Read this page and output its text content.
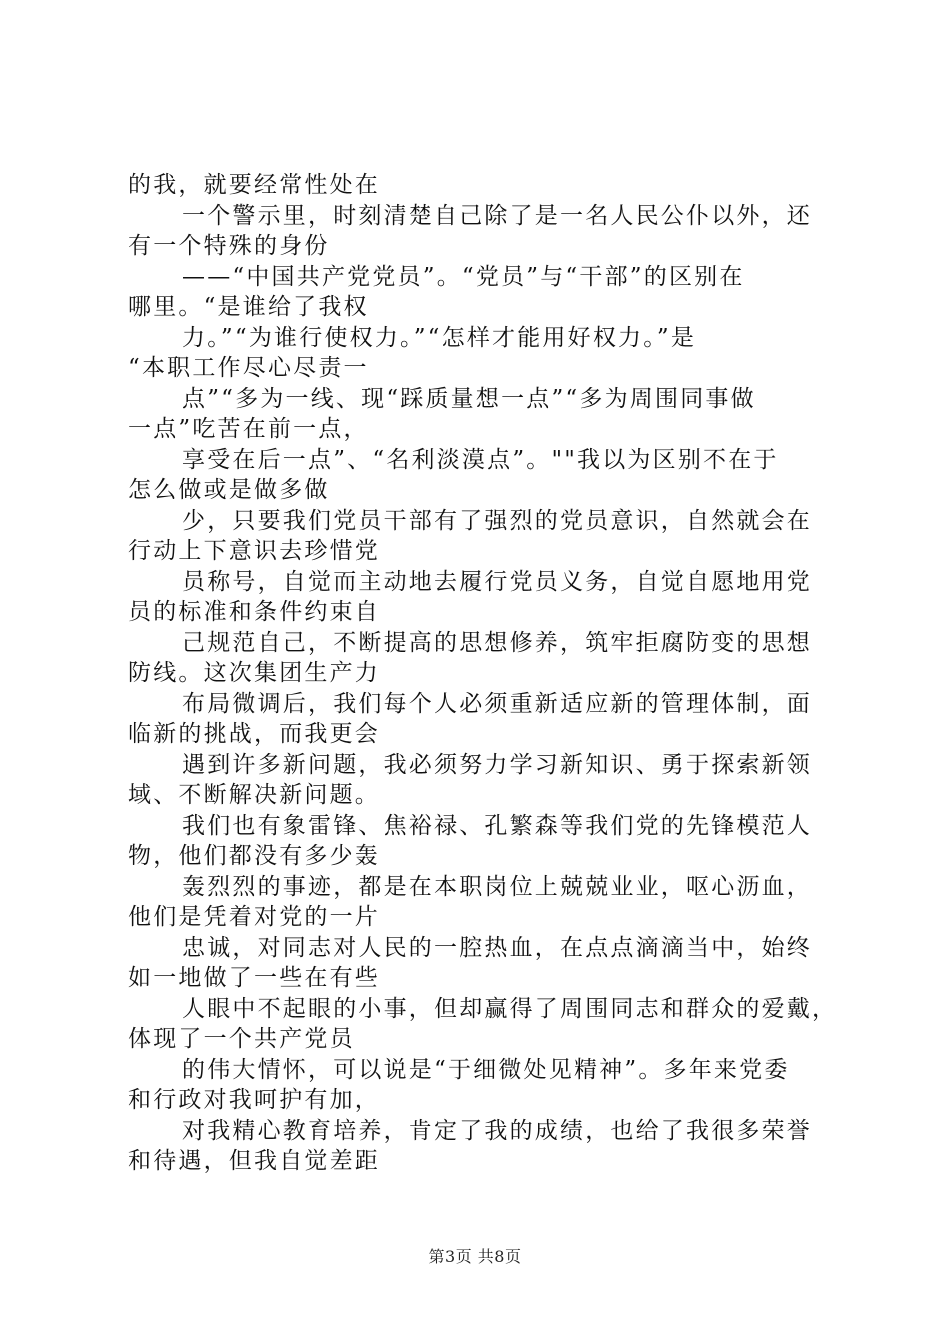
的我，就要经常性处在
一个警示里，时刻清楚自己除了是一名人民公仆以外，还
有一个特殊的身份
——“中国共产党党员”。“党员”与“干部”的区别在
哪里。“是谁给了我权
力。”“为谁行使权力。”“怎样才能用好权力。”是
“本职工作尽心尽责一
点”“多为一线、现“踩质量想一点”“多为周围同事做
一点”吃苦在前一点，
享受在后一点”、“名利淡漠点”。""我以为区别不在于
怎么做或是做多做
少，只要我们党员干部有了强烈的党员意识，自然就会在
行动上下意识去珍惜党
员称号，自觉而主动地去履行党员义务，自觉自愿地用党
员的标准和条件约束自
己规范自己，不断提高的思想修养，筑牢拒腐防变的思想
防线。这次集团生产力
布局微调后，我们每个人必须重新适应新的管理体制，面
临新的挑战，而我更会
遇到许多新问题，我必须努力学习新知识、勇于探索新领
域、不断解决新问题。
我们也有象雷锋、焦裕禄、孔繁森等我们党的先锋模范人
物，他们都没有多少轰
轰烈烈的事迹，都是在本职岗位上兢兢业业，呕心沥血，
他们是凭着对党的一片
忠诚，对同志对人民的一腔热血，在点点滴滴当中，始终
如一地做了一些在有些
人眼中不起眼的小事，但却赢得了周围同志和群众的爱戴，
体现了一个共产党员
的伟大情怀，可以说是“于细微处见精神”。多年来党委
和行政对我呵护有加，
对我精心教育培养，肯定了我的成绩，也给了我很多荣誉
和待遇，但我自觉差距
第3页 共8页
